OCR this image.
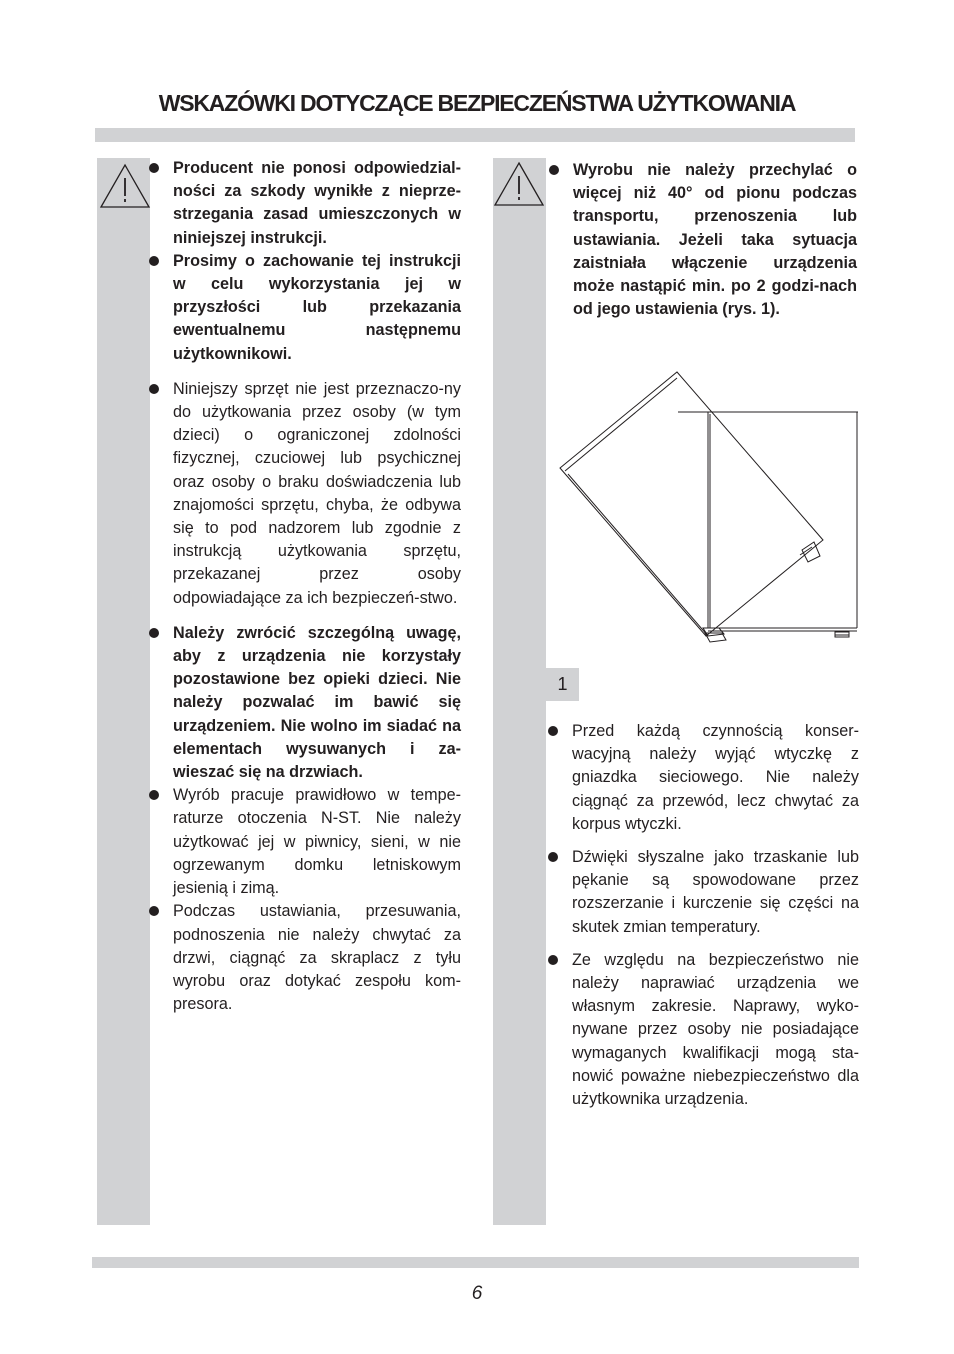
WSKAZÓWKI DOTYCZĄCE BEZPIECZEŃSTWA UŻYTKOWANIA
Producent nie ponosi odpowiedzial-ności za szkody wynikłe z nieprze-strzegania zasad umieszczonych w niniejszej instrukcji.
Prosimy o zachowanie tej instrukcji w celu wykorzystania jej w przyszłości lub przekazania ewentualnemu następnemu użytkownikowi.
Niniejszy sprzęt nie jest przeznaczo-ny do użytkowania przez osoby (w tym dzieci) o ograniczonej zdolności fizycznej, czuciowej lub psychicznej oraz osoby o braku doświadczenia lub znajomości sprzętu, chyba, że odbywa się to pod nadzorem lub zgodnie z instrukcją użytkowania sprzętu, przekazanej przez osoby odpowiadające za ich bezpieczeń-stwo.
Należy zwrócić szczególną uwagę, aby z urządzenia nie korzystały pozostawione bez opieki dzieci. Nie należy pozwalać im bawić się urządzeniem. Nie wolno im siadać na elementach wysuwanych i za-wieszać się na drzwiach.
Wyrób pracuje prawidłowo w tempe-raturze otoczenia N-ST. Nie należy użytkować jej w piwnicy, sieni, w nie ogrzewanym domku letniskowym jesienią i zimą.
Podczas ustawiania, przesuwania, podnoszenia nie należy chwytać za drzwi, ciągnąć za skraplacz z tyłu wyrobu oraz dotykać zespołu kom-presora.
Wyrobu nie należy przechylać o więcej niż 40° od pionu podczas transportu, przenoszenia lub ustawiania. Jeżeli taka sytuacja zaistniała włączenie urządzenia może nastąpić min. po 2 godzi-nach od jego ustawienia (rys. 1).
1
Przed każdą czynnością konser-wacyjną należy wyjąć wtyczkę z gniazdka sieciowego. Nie należy ciągnąć za przewód, lecz chwytać za korpus wtyczki.
Dźwięki słyszalne jako trzaskanie lub pękanie są spowodowane przez rozszerzanie i kurczenie się części na skutek zmian temperatury.
Ze względu na bezpieczeństwo nie należy naprawiać urządzenia we własnym zakresie. Naprawy, wyko-nywane przez osoby nie posiadające wymaganych kwalifikacji mogą sta-nowić poważne niebezpieczeństwo dla użytkownika urządzenia.
6
